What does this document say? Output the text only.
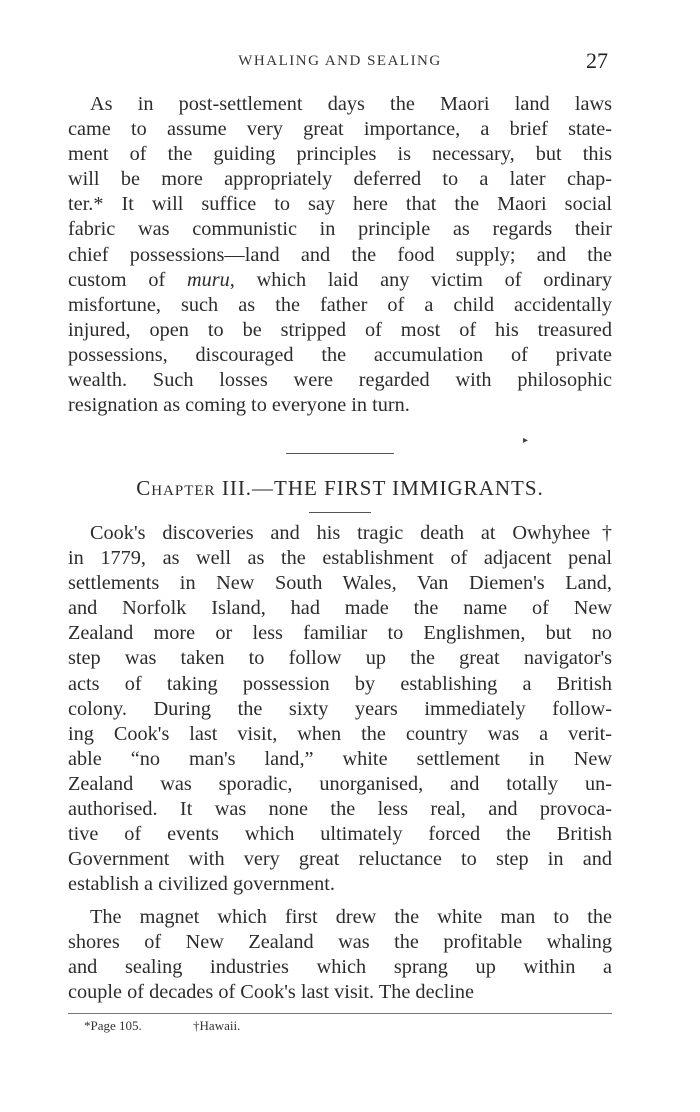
WHALING AND SEALING	27

As in post-settlement days the Maori land laws
came to assume very great importance, a brief state-
ment of the guiding principles is necessary, but this
will be more appropriately deferred to a later chap-
ter.* It will suffice to say here that the Maori social
fabric was communistic in principle as regards their
chief possessions—land and the food supply; and the
custom of muru, which laid any victim of ordinary
misfortune, such as the father of a child accidentally
injured, open to be stripped of most of his treasured
possessions, discouraged the accumulation of private
wealth. Such losses were regarded with philosophic
resignation as coming to everyone in turn.

▸
Chapter III.—THE FIRST IMMIGRANTS.

Cook's discoveries and his tragic death at Owhyhee†
in 1779, as well as the establishment of adjacent penal
settlements in New South Wales, Van Diemen's Land,
and Norfolk Island, had made the name of New
Zealand more or less familiar to Englishmen, but no
step was taken to follow up the great navigator's
acts of taking possession by establishing a British
colony. During the sixty years immediately follow-
ing Cook's last visit, when the country was a verit-
able “no man's land,” white settlement in New
Zealand was sporadic, unorganised, and totally un-
authorised. It was none the less real, and provoca-
tive of events which ultimately forced the British
Government with very great reluctance to step in and
establish a civilized government.

The magnet which first drew the white man to the
shores of New Zealand was the profitable whaling
and sealing industries which sprang up within a
couple of decades of Cook's last visit. The decline

*Page 105.	†Hawaii.
